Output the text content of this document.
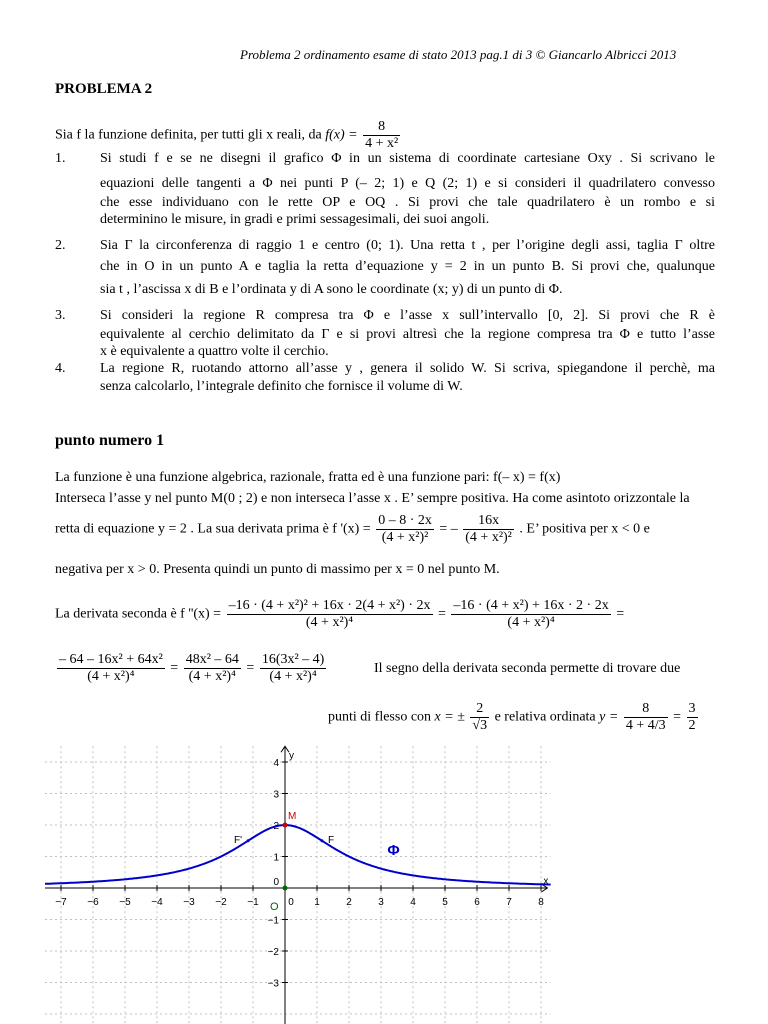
Problema 2 ordinamento esame di stato 2013 pag.1 di 3 © Giancarlo Albricci 2013
PROBLEMA 2
Sia f la funzione definita, per tutti gli x reali, da $f(x) = \frac{8}{\text{4 + x²}}$
1. Si studi f e se ne disegni il grafico Φ in un sistema di coordinate cartesiane Oxy . Si scrivano le
equazioni delle tangenti a Φ nei punti P (– 2; 1) e Q (2; 1) e si consideri il quadrilatero convesso
che esse individuano con le rette OP e OQ . Si provi che tale quadrilatero è un rombo e si
determinino le misure, in gradi e primi sessagesimali, dei suoi angoli.
2. Sia Γ la circonferenza di raggio 1 e centro (0; 1). Una retta t , per l’origine degli assi, taglia Γ oltre
che in O in un punto A e taglia la retta d’equazione y = 2 in un punto B. Si provi che, qualunque
sia t , l’ascissa x di B e l’ordinata y di A sono le coordinate (x; y) di un punto di Φ.
3. Si consideri la regione R compresa tra Φ e l’asse x sull’intervallo [0, 2]. Si provi che R è
equivalente al cerchio delimitato da Γ e si provi altresì che la regione compresa tra Φ e tutto l’asse
x è equivalente a quattro volte il cerchio.
4. La regione R, ruotando attorno all’asse y , genera il solido W. Si scriva, spiegandone il perchè, ma
senza calcolarlo, l’integrale definito che fornisce il volume di W.
punto numero 1
La funzione è una funzione algebrica, razionale, fratta ed è una funzione pari: f(– x) = f(x)
Interseca l’asse y nel punto M(0 ; 2) e non interseca l’asse x . E’ sempre positiva. Ha come asintoto orizzontale la
retta di equazione y = 2 . La sua derivata prima è f '$(x) = \frac{0 - 8 \cdot 2x}{\text{(4 + x²)²}}$ = – $\frac{16x}{\text{(4 + x²)²}}$ . E’ positiva per x < 0 e
negativa per x > 0. Presenta quindi un punto di massimo per x = 0 nel punto M.
La derivata seconda è f ''$(x) = \frac{\text{–16 · (4 + x²)² + 16x · 2(4 + x²) · 2x}}{\text{(4 + x²)⁴}} = \frac{\text{–16 · (4 + x²) + 16x · 2 · 2x}}{\text{(4 + x²)⁴}}$ =
$\frac{\text{– 64 – 16x² + 64x²}}{\text{(4 + x²)⁴}} = \frac{\text{48x² – 64}}{\text{(4 + x²)⁴}} = \frac{\text{16(3x² – 4)}}{\text{(4 + x²)⁴}}$	Il segno della derivata seconda permette di trovare due
punti di flesso con x = ± $\frac{2}{√3}$ e relativa ordinata $y = \frac{8}{4 + 4/3} = \frac{3}{2}$
−7 −6 −5 −4 −3 −2 −1	0 1	2	3	4	5	6	7	8
−3
−2
−1
0
1
2
3
4
x
y
M
F'	F
O
Φ
